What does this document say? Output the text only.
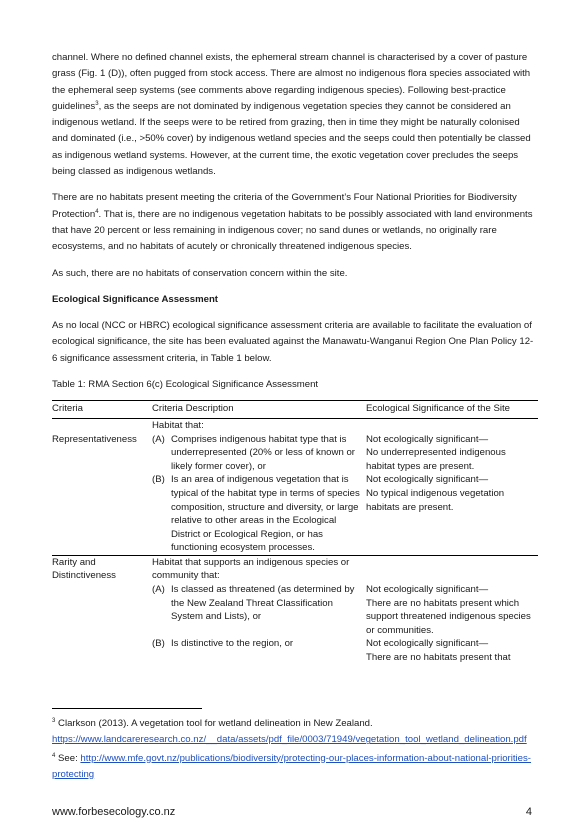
channel. Where no defined channel exists, the ephemeral stream channel is characterised by a cover of pasture grass (Fig. 1 (D)), often pugged from stock access. There are almost no indigenous flora species associated with the ephemeral seep systems (see comments above regarding indigenous species). Following best-practice guidelines$^3$, as the seeps are not dominated by indigenous vegetation species they cannot be considered an indigenous wetland. If the seeps were to be retired from grazing, then in time they might be naturally colonised and dominated (i.e., >50% cover) by indigenous wetland species and the seeps could then potentially be classed as indigenous wetland systems. However, at the current time, the exotic vegetation cover precludes the seeps being classed as indigenous wetlands.

There are no habitats present meeting the criteria of the Government’s Four National Priorities for Biodiversity Protection$^4$. That is, there are no indigenous vegetation habitats to be possibly associated with land environments that have 20 percent or less remaining in indigenous cover; no sand dunes or wetlands, no originally rare ecosystems, and no habitats of acutely or chronically threatened indigenous species.

As such, there are no habitats of conservation concern within the site.

Ecological Significance Assessment

As no local (NCC or HBRC) ecological significance assessment criteria are available to facilitate the evaluation of ecological significance, the site has been evaluated against the Manawatu-Wanganui Region One Plan Policy 12-6 significance assessment criteria, in Table 1 below.

Table 1: RMA Section 6(c) Ecological Significance Assessment

Criteria	Criteria Description	Ecological Significance of the Site
	Habitat that:	
Representativeness	(A) Comprises indigenous habitat type that is underrepresented (20% or less of known or likely former cover), or	Not ecologically significant—
No underrepresented indigenous habitat types are present.

	(B) Is an area of indigenous vegetation that is typical of the habitat type in terms of species composition, structure and diversity, or large relative to other areas in the Ecological District or Ecological Region, or has functioning ecosystem processes.	Not ecologically significant—
No typical indigenous vegetation habitats are present.

Rarity and Distinctiveness	Habitat that supports an indigenous species or community that:	

	(A) Is classed as threatened (as determined by the New Zealand Threat Classification System and Lists), or	Not ecologically significant—
There are no habitats present which support threatened indigenous species or communities.

	(B) Is distinctive to the region, or	Not ecologically significant—
There are no habitats present that

$^3$ Clarkson (2013). A vegetation tool for wetland delineation in New Zealand.
https://www.landcareresearch.co.nz/__data/assets/pdf_file/0003/71949/vegetation_tool_wetland_delineation.pdf

$^4$ See: http://www.mfe.govt.nz/publications/biodiversity/protecting-our-places-information-about-national-priorities-protecting

www.forbesecology.co.nz	4
